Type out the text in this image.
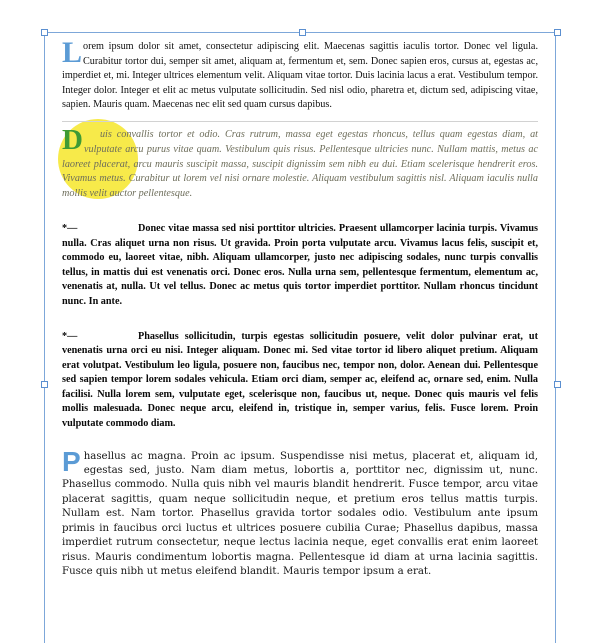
Lorem ipsum dolor sit amet, consectetur adipiscing elit. Maecenas sagittis iaculis tortor. Donec vel ligula. Curabitur tortor dui, semper sit amet, aliquam at, fermentum et, sem. Donec sapien eros, cursus at, egestas ac, imperdiet et, mi. Integer ultrices elementum velit. Aliquam vitae tortor. Duis lacinia lacus a erat. Vestibulum tempor. Integer dolor. Integer et elit ac metus vulputate sollicitudin. Sed nisl odio, pharetra et, dictum sed, adipiscing vitae, sapien. Mauris quam. Maecenas nec elit sed quam cursus dapibus.

D uis convallis tortor et odio. Cras rutrum, massa eget egestas rhoncus, tellus quam egestas diam, at vulputate arcu purus vitae quam. Vestibulum quis risus. Pellentesque ultricies nunc. Nullam mattis, metus ac laoreet placerat, arcu mauris suscipit massa, suscipit dignissim sem nibh eu dui. Etiam scelerisque hendrerit eros. Vivamus metus. Curabitur ut lorem vel nisi ornare molestie. Aliquam vestibulum sagittis nisl. Aliquam iaculis nulla mollis velit auctor pellentesque.

*—	Donec vitae massa sed nisi porttitor ultricies. Praesent ullamcorper lacinia turpis. Vivamus nulla. Cras aliquet urna non risus. Ut gravida. Proin porta vulputate arcu. Vivamus lacus felis, suscipit et, commodo eu, laoreet vitae, nibh. Aliquam ullamcorper, justo nec adipiscing sodales, nunc turpis convallis tellus, in mattis dui est venenatis orci. Donec eros. Nulla urna sem, pellentesque fermentum, elementum ac, venenatis at, nulla. Ut vel tellus. Donec ac metus quis tortor imperdiet porttitor. Nullam rhoncus tincidunt nunc. In ante.

*—	Phasellus sollicitudin, turpis egestas sollicitudin posuere, velit dolor pulvinar erat, ut venenatis urna orci eu nisi. Integer aliquam. Donec mi. Sed vitae tortor id libero aliquet pretium. Aliquam erat volutpat. Vestibulum leo ligula, posuere non, faucibus nec, tempor non, dolor. Aenean dui. Pellentesque sed sapien tempor lorem sodales vehicula. Etiam orci diam, semper ac, eleifend ac, ornare sed, enim. Nulla facilisi. Nulla lorem sem, vulputate eget, scelerisque non, faucibus ut, neque. Donec quis mauris vel felis mollis malesuada. Donec neque arcu, eleifend in, tristique in, semper varius, felis. Fusce lorem. Proin vulputate commodo diam.

Phasellus ac magna. Proin ac ipsum. Suspendisse nisi metus, placerat et, aliquam id, egestas sed, justo. Nam diam metus, lobortis a, porttitor nec, dignissim ut, nunc. Phasellus commodo. Nulla quis nibh vel mauris blandit hendrerit. Fusce tempor, arcu vitae placerat sagittis, quam neque sollicitudin neque, et pretium eros tellus mattis turpis. Nullam est. Nam tortor. Phasellus gravida tortor sodales odio. Vestibulum ante ipsum primis in faucibus orci luctus et ultrices posuere cubilia Curae; Phasellus dapibus, massa imperdiet rutrum consectetur, neque lectus lacinia neque, eget convallis erat enim laoreet risus. Mauris condimentum lobortis magna. Pellentesque id diam at urna lacinia sagittis. Fusce quis nibh ut metus eleifend blandit. Mauris tempor ipsum a erat.
